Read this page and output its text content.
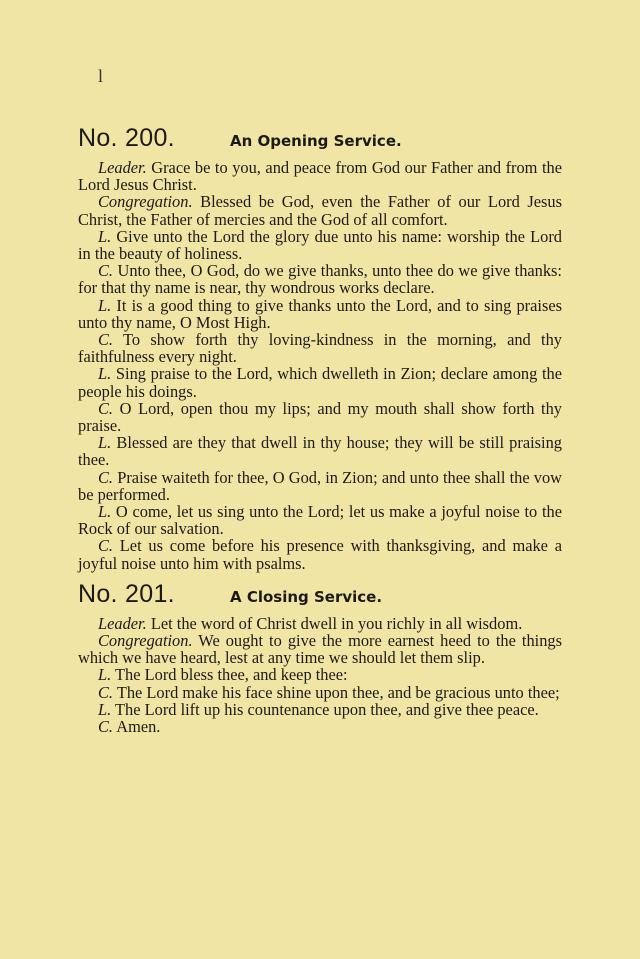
l
No. 200.	An Opening Service.

Leader. Grace be to you, and peace from God our Father and from the Lord Jesus Christ.

Congregation. Blessed be God, even the Father of our Lord Jesus Christ, the Father of mercies and the God of all comfort.

L. Give unto the Lord the glory due unto his name: worship the Lord in the beauty of holiness.

C. Unto thee, O God, do we give thanks, unto thee do we give thanks: for that thy name is near, thy wondrous works declare.

L. It is a good thing to give thanks unto the Lord, and to sing praises unto thy name, O Most High.

C. To show forth thy loving-kindness in the morning, and thy faithfulness every night.

L. Sing praise to the Lord, which dwelleth in Zion; declare among the people his doings.

C. O Lord, open thou my lips; and my mouth shall show forth thy praise.

L. Blessed are they that dwell in thy house; they will be still praising thee.

C. Praise waiteth for thee, O God, in Zion; and unto thee shall the vow be performed.

L. O come, let us sing unto the Lord; let us make a joyful noise to the Rock of our salvation.

C. Let us come before his presence with thanksgiving, and make a joyful noise unto him with psalms.

No. 201.	A Closing Service.

Leader. Let the word of Christ dwell in you richly in all wisdom.

Congregation. We ought to give the more earnest heed to the things which we have heard, lest at any time we should let them slip.

L. The Lord bless thee, and keep thee:

C. The Lord make his face shine upon thee, and be gracious unto thee;

L. The Lord lift up his countenance upon thee, and give thee peace.

C. Amen.
